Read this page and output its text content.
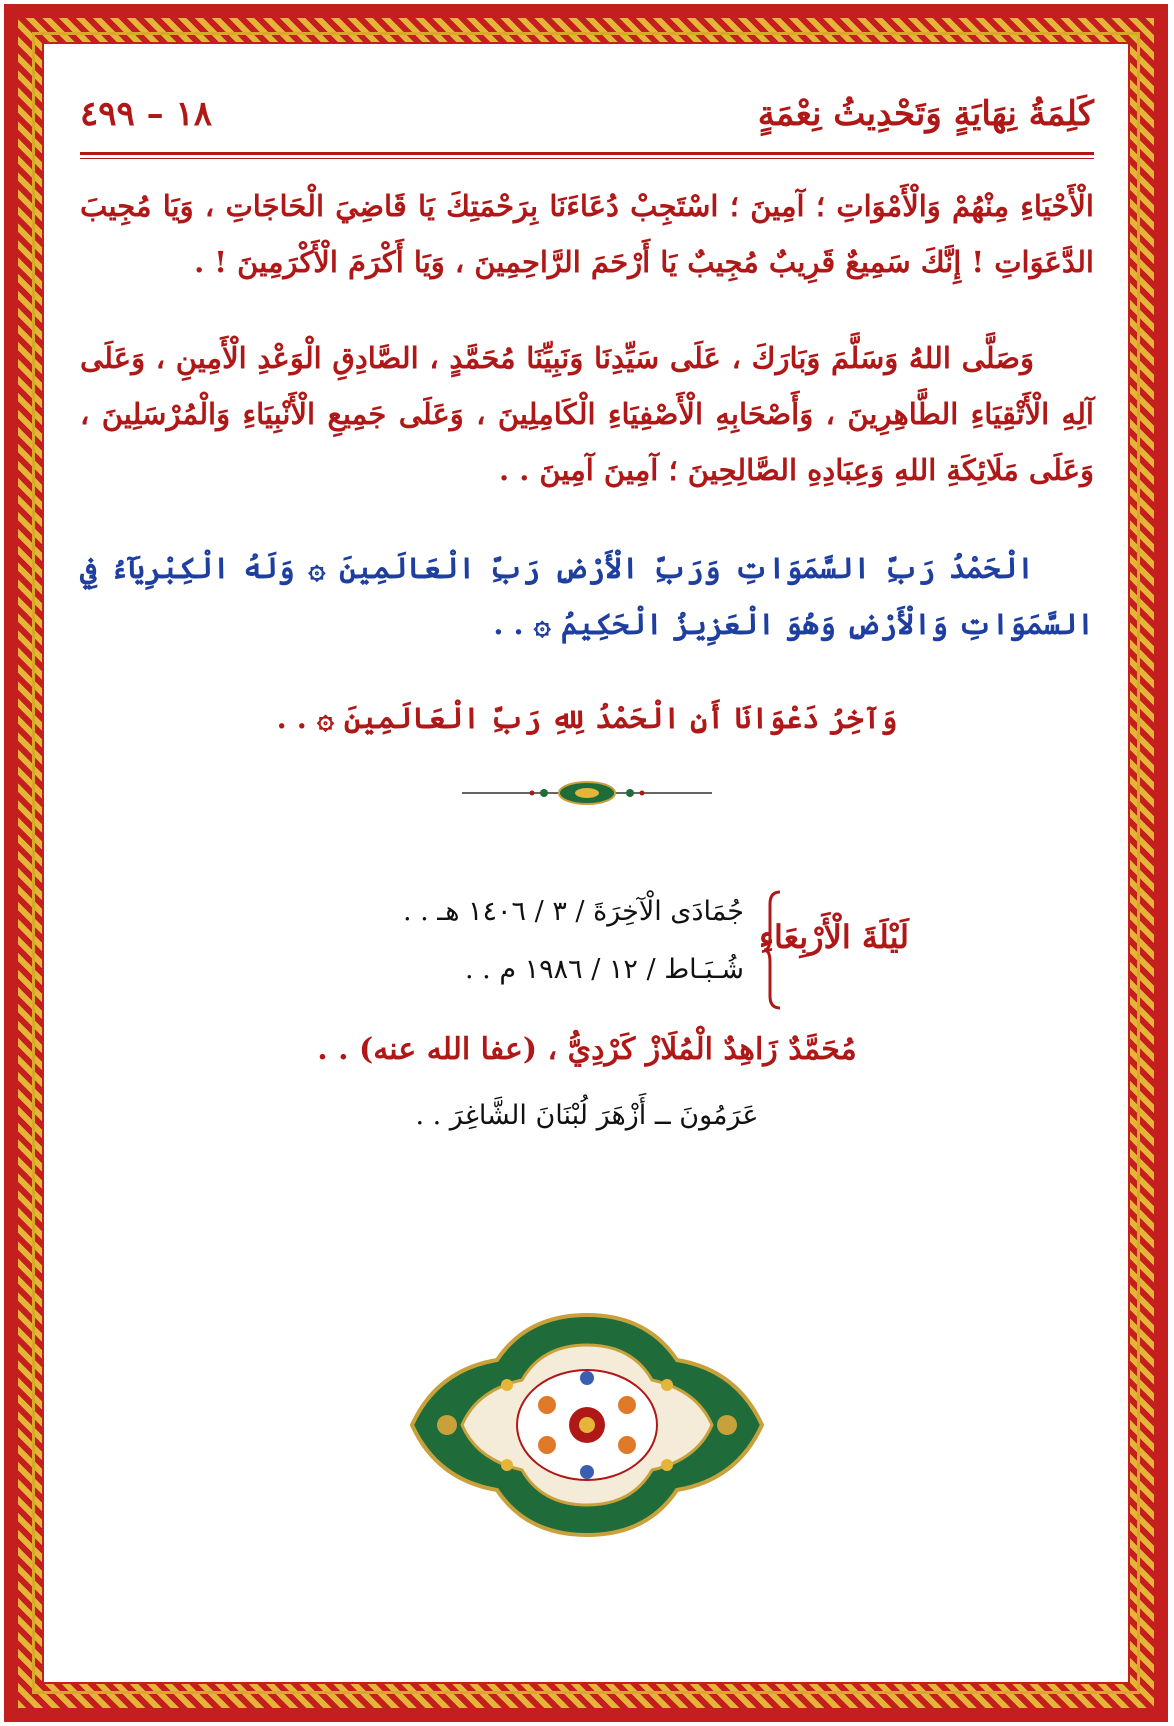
كَلِمَةُ نِهَايَةٍ وَتَحْدِيثُ نِعْمَةٍ
١٨ – ٤٩٩
الْأَحْيَاءِ مِنْهُمْ وَالْأَمْوَاتِ ؛ آمِينَ ؛ اسْتَجِبْ دُعَاءَنَا بِرَحْمَتِكَ يَا قَاضِيَ الْحَاجَاتِ ، وَيَا مُجِيبَ الدَّعَوَاتِ ! إِنَّكَ سَمِيعٌ قَرِيبٌ مُجِيبٌ يَا أَرْحَمَ الرَّاحِمِينَ ، وَيَا أَكْرَمَ الْأَكْرَمِينَ ! .
وَصَلَّى اللهُ وَسَلَّمَ وَبَارَكَ ، عَلَى سَيِّدِنَا وَنَبِيِّنَا مُحَمَّدٍ ، الصَّادِقِ الْوَعْدِ الْأَمِينِ ، وَعَلَى آلِهِ الْأَتْقِيَاءِ الطَّاهِرِينَ ، وَأَصْحَابِهِ الْأَصْفِيَاءِ الْكَامِلِينَ ، وَعَلَى جَمِيعِ الْأَنْبِيَاءِ وَالْمُرْسَلِينَ ، وَعَلَى مَلَائِكَةِ اللهِ وَعِبَادِهِ الصَّالِحِينَ ؛ آمِينَ آمِينَ . .
الْحَمْدُ رَبِّ السَّمَوَاتِ وَرَبِّ الْأَرْضِ رَبِّ الْعَالَمِينَ ۞ وَلَهُ الْكِبْرِيَآءُ فِي السَّمَوَاتِ وَالْأَرْضِ وَهُوَ الْعَزِيزُ الْحَكِيمُ ۞ . .
وَآخِرُ دَعْوَانَا أَنِ الْحَمْدُ لِلهِ رَبِّ الْعَالَمِينَ ۞ . .
لَيْلَةَ الْأَرْبِعَاءِ
جُمَادَى الْآخِرَةَ / ٣ / ١٤٠٦ هـ . .
شُـبَـاط / ١٢ / ١٩٨٦ م . .
مُحَمَّدٌ زَاهِدٌ الْمُلَازْ كَرْدِيُّ ، (عفا الله عنه) . .
عَرَمُونَ ــ أَزْهَرَ لُبْنَانَ الشَّاغِرَ . .
